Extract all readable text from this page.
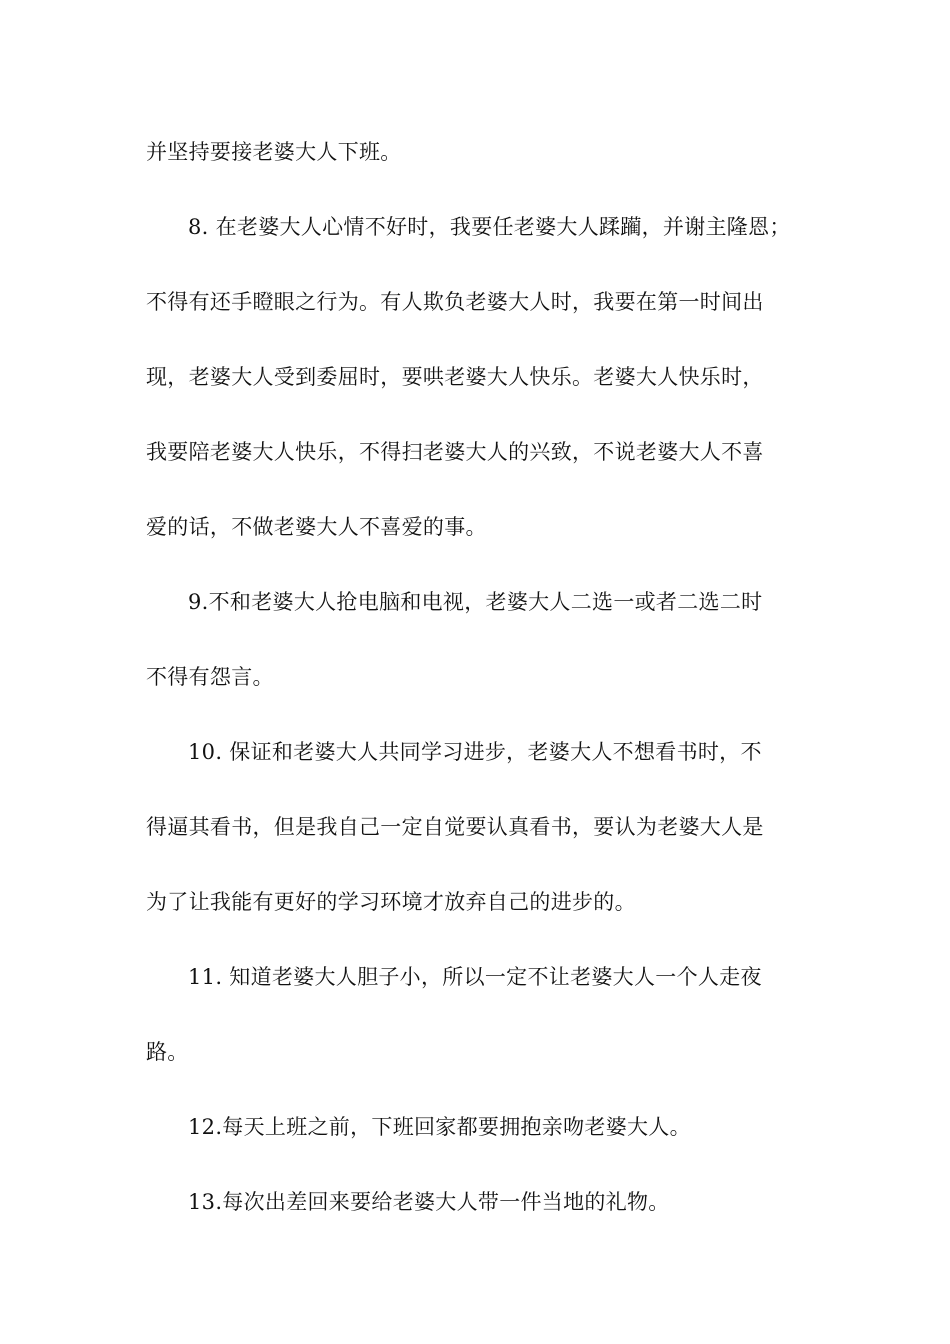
并坚持要接老婆大人下班。
8. 在老婆大人心情不好时，我要任老婆大人蹂躏，并谢主隆恩；
不得有还手瞪眼之行为。有人欺负老婆大人时，我要在第一时间出
现，老婆大人受到委屈时，要哄老婆大人快乐。老婆大人快乐时，
我要陪老婆大人快乐，不得扫老婆大人的兴致，不说老婆大人不喜
爱的话，不做老婆大人不喜爱的事。
9.不和老婆大人抢电脑和电视，老婆大人二选一或者二选二时
不得有怨言。
10. 保证和老婆大人共同学习进步，老婆大人不想看书时，不
得逼其看书，但是我自己一定自觉要认真看书，要认为老婆大人是
为了让我能有更好的学习环境才放弃自己的进步的。
11. 知道老婆大人胆子小，所以一定不让老婆大人一个人走夜
路。
12.每天上班之前，下班回家都要拥抱亲吻老婆大人。
13.每次出差回来要给老婆大人带一件当地的礼物。
